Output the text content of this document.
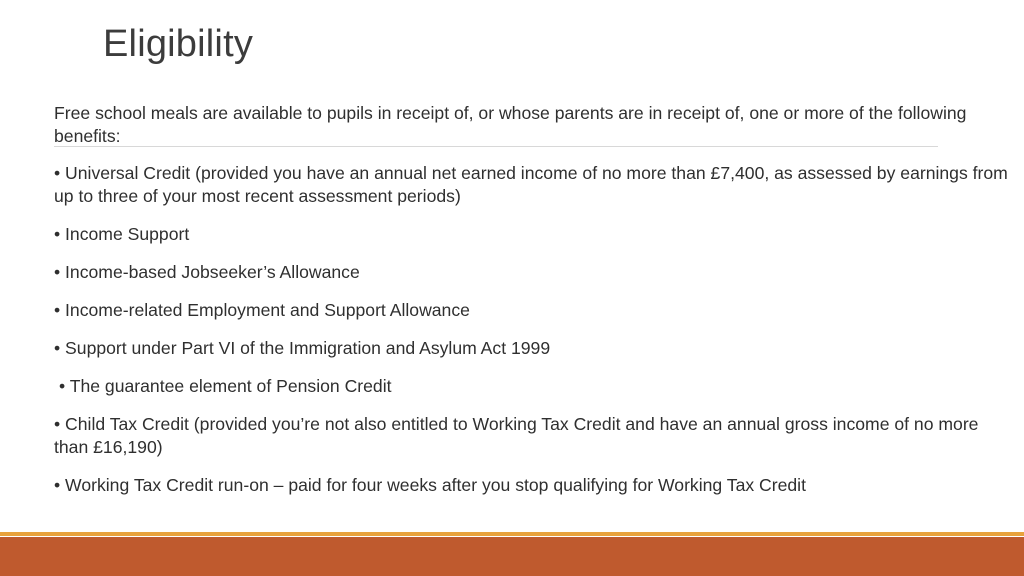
Eligibility

Free school meals are available to pupils in receipt of, or whose parents are in receipt of, one or more of the following benefits:

• Universal Credit (provided you have an annual net earned income of no more than £7,400, as assessed by earnings from up to three of your most recent assessment periods)

• Income Support

• Income-based Jobseeker’s Allowance

• Income-related Employment and Support Allowance

• Support under Part VI of the Immigration and Asylum Act 1999

• The guarantee element of Pension Credit

• Child Tax Credit (provided you’re not also entitled to Working Tax Credit and have an annual gross income of no more than £16,190)

• Working Tax Credit run-on – paid for four weeks after you stop qualifying for Working Tax Credit
